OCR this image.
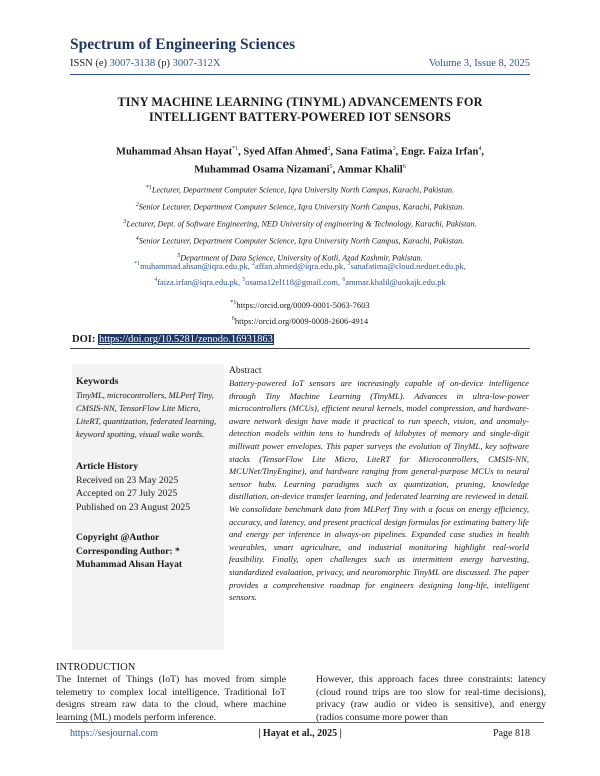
Spectrum of Engineering Sciences
ISSN (e) 3007-3138 (p) 3007-312X	Volume 3, Issue 8, 2025
TINY MACHINE LEARNING (TINYML) ADVANCEMENTS FOR
INTELLIGENT BATTERY-POWERED IOT SENSORS
Muhammad Ahsan Hayat$^{*1}$, Syed Affan Ahmed$^2$, Sana Fatima$^3$, Engr. Faiza Irfan$^4$,
Muhammad Osama Nizamani$^5$, Ammar Khalil$^6$
$^{*1}$Lecturer, Department Computer Science, Iqra University North Campus, Karachi, Pakistan.
$^2$Senior Lecturer, Department Computer Science, Iqra University North Campus, Karachi, Pakistan.
$^3$Lecturer, Dept. of Software Engineering, NED University of engineering & Technology, Karachi, Pakistan.
$^4$Senior Lecturer, Department Computer Science, Iqra University North Campus, Karachi, Pakistan.
$^5$Department of Data Science, University of Kotli, Azad Kashmir, Pakistan.
$^{*1}$muhammad.ahsan@iqra.edu.pk, $^2$affan.ahmed@iqra.edu.pk, $^3$sanafatima@cloud.neduet.edu.pk,
$^4$faiza.irfan@iqra.edu.pk, $^5$osama12el118@gmail.com, $^6$ammar.khalil@uokajk.edu.pk
$^{*1}$https://orcid.org/0009-0001-5063-7603
$^6$https://orcid.org/0009-0008-2606-4914
DOI: https://doi.org/10.5281/zenodo.16931863
Keywords
TinyML, microcontrollers, MLPerf Tiny, CMSIS-NN, TensorFlow Lite Micro, LiteRT, quantization, federated learning, keyword spotting, visual wake words.
Article History
Received on 23 May 2025
Accepted on 27 July 2025
Published on 23 August 2025
Copyright @Author
Corresponding Author: *
Muhammad Ahsan Hayat
Abstract
Battery-powered IoT sensors are increasingly capable of on-device intelligence through Tiny Machine Learning (TinyML). Advances in ultra-low-power microcontrollers (MCUs), efficient neural kernels, model compression, and hardware-aware network design have made it practical to run speech, vision, and anomaly-detection models within tens to hundreds of kilobytes of memory and single-digit milliwatt power envelopes. This paper surveys the evolution of TinyML, key software stacks (TensorFlow Lite Micro, LiteRT for Microcontrollers, CMSIS-NN, MCUNet/TinyEngine), and hardware ranging from general-purpose MCUs to neural sensor hubs. Learning paradigms such as quantization, pruning, knowledge distillation, on-device transfer learning, and federated learning are reviewed in detail. We consolidate benchmark data from MLPerf Tiny with a focus on energy efficiency, accuracy, and latency, and present practical design formulas for estimating battery life and energy per inference in always-on pipelines. Expanded case studies in health wearables, smart agriculture, and industrial monitoring highlight real-world feasibility. Finally, open challenges such as intermittent energy harvesting, standardized evaluation, privacy, and neuromorphic TinyML are discussed. The paper provides a comprehensive roadmap for engineers designing long-life, intelligent sensors.
INTRODUCTION
The Internet of Things (IoT) has moved from simple telemetry to complex local intelligence. Traditional IoT designs stream raw data to the cloud, where machine learning (ML) models perform inference.
However, this approach faces three constraints: latency (cloud round trips are too slow for real-time decisions), privacy (raw audio or video is sensitive), and energy (radios consume more power than
https://sesjournal.com	| Hayat et al., 2025 |	Page 818
